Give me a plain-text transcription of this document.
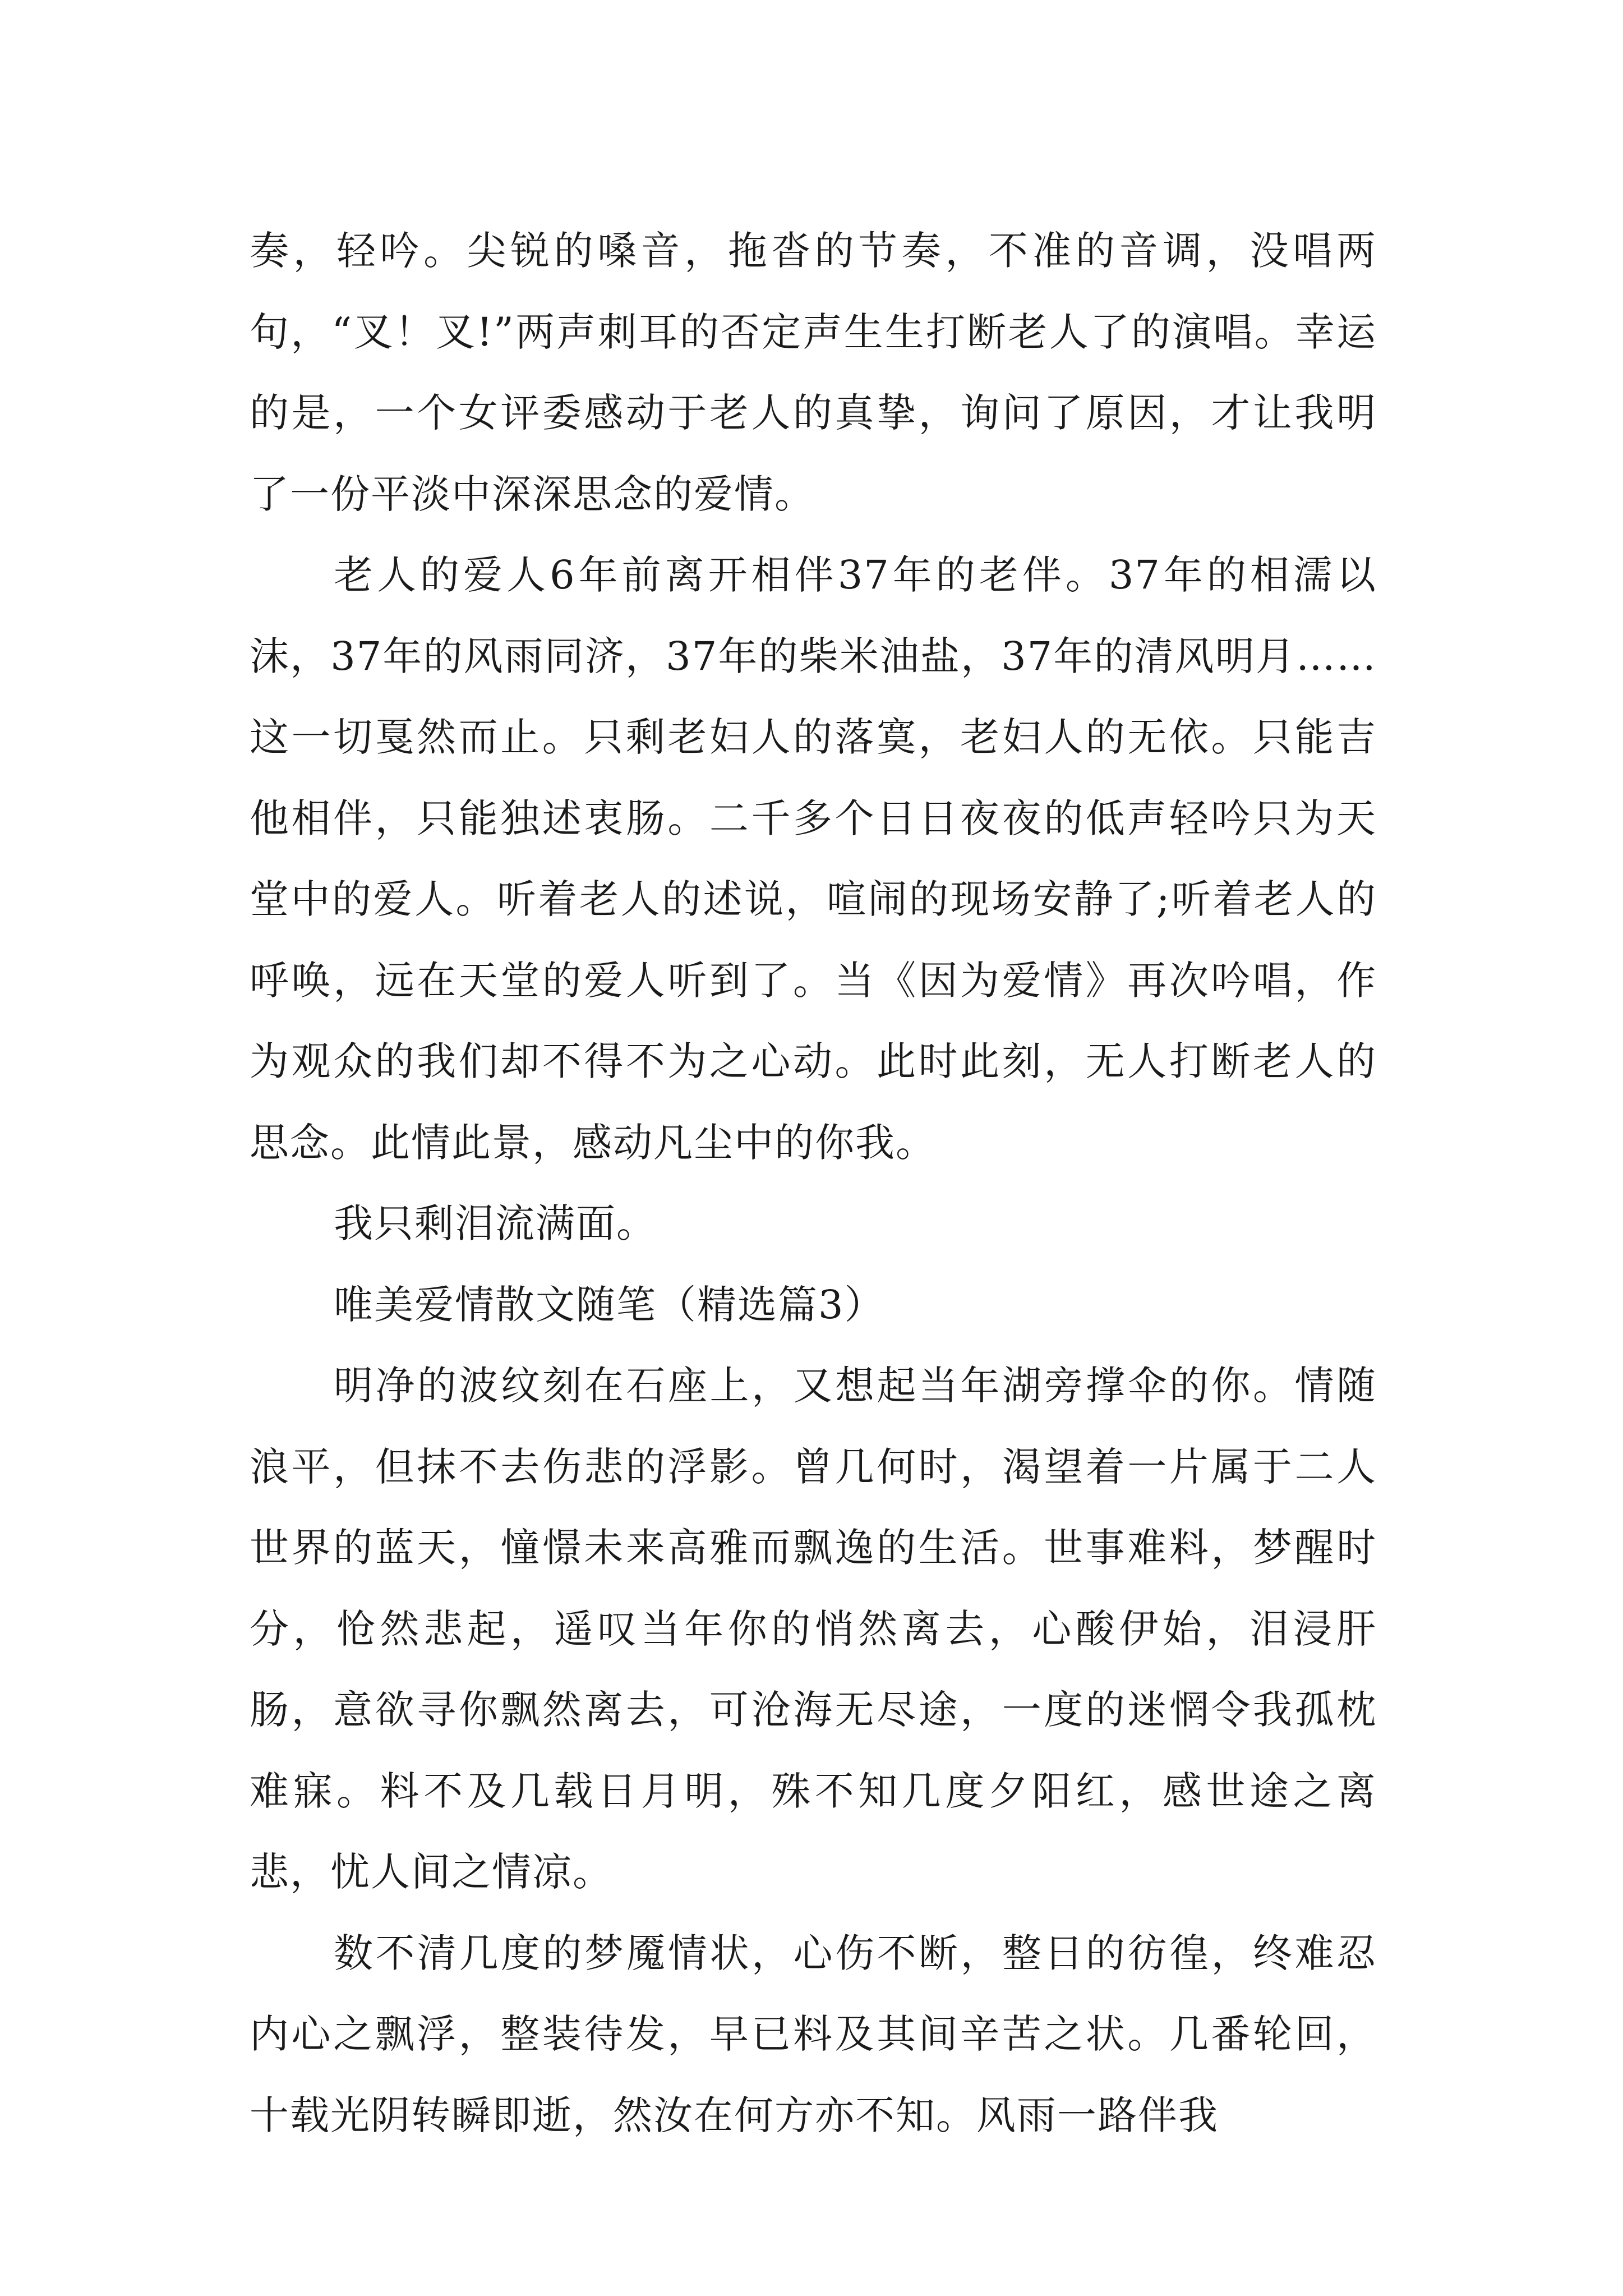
奏，轻吟。尖锐的嗓音，拖沓的节奏，不准的音调，没唱两句，“叉！叉!”两声刺耳的否定声生生打断老人了的演唱。幸运的是，一个女评委感动于老人的真挚，询问了原因，才让我明了一份平淡中深深思念的爱情。

老人的爱人6年前离开相伴37年的老伴。37年的相濡以沫，37年的风雨同济，37年的柴米油盐，37年的清风明月……这一切戛然而止。只剩老妇人的落寞，老妇人的无依。只能吉他相伴，只能独述衷肠。二千多个日日夜夜的低声轻吟只为天堂中的爱人。听着老人的述说，喧闹的现场安静了;听着老人的呼唤，远在天堂的爱人听到了。当《因为爱情》再次吟唱，作为观众的我们却不得不为之心动。此时此刻，无人打断老人的思念。此情此景，感动凡尘中的你我。

我只剩泪流满面。

唯美爱情散文随笔（精选篇3）

明净的波纹刻在石座上，又想起当年湖旁撑伞的你。情随浪平，但抹不去伤悲的浮影。曾几何时，渴望着一片属于二人世界的蓝天，憧憬未来高雅而飘逸的生活。世事难料，梦醒时分，怆然悲起，遥叹当年你的悄然离去，心酸伊始，泪浸肝肠，意欲寻你飘然离去，可沧海无尽途，一度的迷惘令我孤枕难寐。料不及几载日月明，殊不知几度夕阳红，感世途之离悲，忧人间之情凉。

数不清几度的梦魇情状，心伤不断，整日的彷徨，终难忍内心之飘浮，整装待发，早已料及其间辛苦之状。几番轮回，十载光阴转瞬即逝，然汝在何方亦不知。风雨一路伴我
